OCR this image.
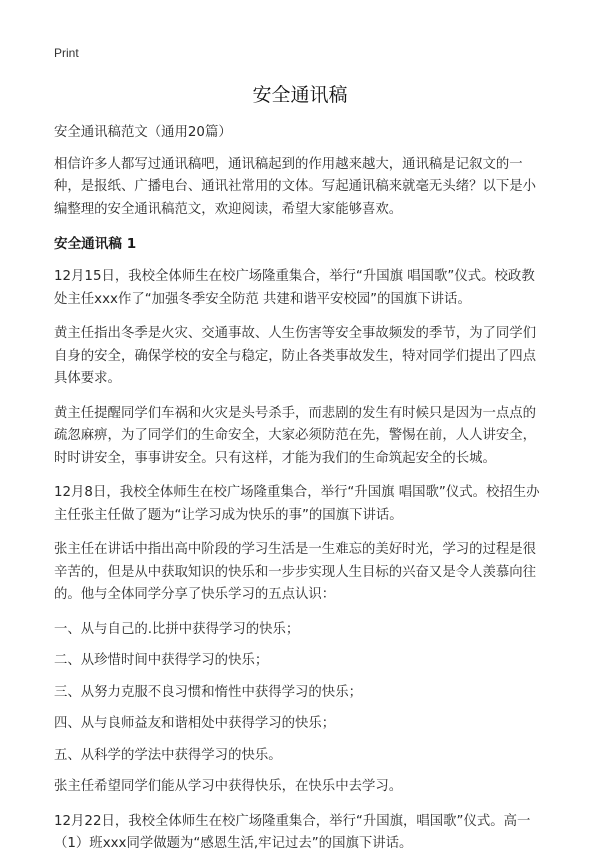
Print
安全通讯稿

安全通讯稿范文（通用20篇）

相信许多人都写过通讯稿吧，通讯稿起到的作用越来越大，通讯稿是记叙文的一种，是报纸、广播电台、通讯社常用的文体。写起通讯稿来就毫无头绪？以下是小编整理的安全通讯稿范文，欢迎阅读，希望大家能够喜欢。

安全通讯稿 1

12月15日，我校全体师生在校广场隆重集合，举行“升国旗 唱国歌”仪式。校政教处主任xxx作了“加强冬季安全防范 共建和谐平安校园”的国旗下讲话。

黄主任指出冬季是火灾、交通事故、人生伤害等安全事故频发的季节，为了同学们自身的安全，确保学校的安全与稳定，防止各类事故发生，特对同学们提出了四点具体要求。

黄主任提醒同学们车祸和火灾是头号杀手，而悲剧的发生有时候只是因为一点点的疏忽麻痹，为了同学们的生命安全，大家必须防范在先，警惕在前，人人讲安全，时时讲安全，事事讲安全。只有这样，才能为我们的生命筑起安全的长城。

12月8日，我校全体师生在校广场隆重集合，举行“升国旗 唱国歌”仪式。校招生办主任张主任做了题为“让学习成为快乐的事”的国旗下讲话。

张主任在讲话中指出高中阶段的学习生活是一生难忘的美好时光，学习的过程是很辛苦的，但是从中获取知识的快乐和一步步实现人生目标的兴奋又是令人羡慕向往的。他与全体同学分享了快乐学习的五点认识：

一、从与自己的.比拼中获得学习的快乐；

二、从珍惜时间中获得学习的快乐；

三、从努力克服不良习惯和惰性中获得学习的快乐；

四、从与良师益友和谐相处中获得学习的快乐；

五、从科学的学法中获得学习的快乐。

张主任希望同学们能从学习中获得快乐，在快乐中去学习。

12月22日，我校全体师生在校广场隆重集合，举行“升国旗，唱国歌”仪式。高一（1）班xxx同学做题为“感恩生活,牢记过去”的国旗下讲话。
